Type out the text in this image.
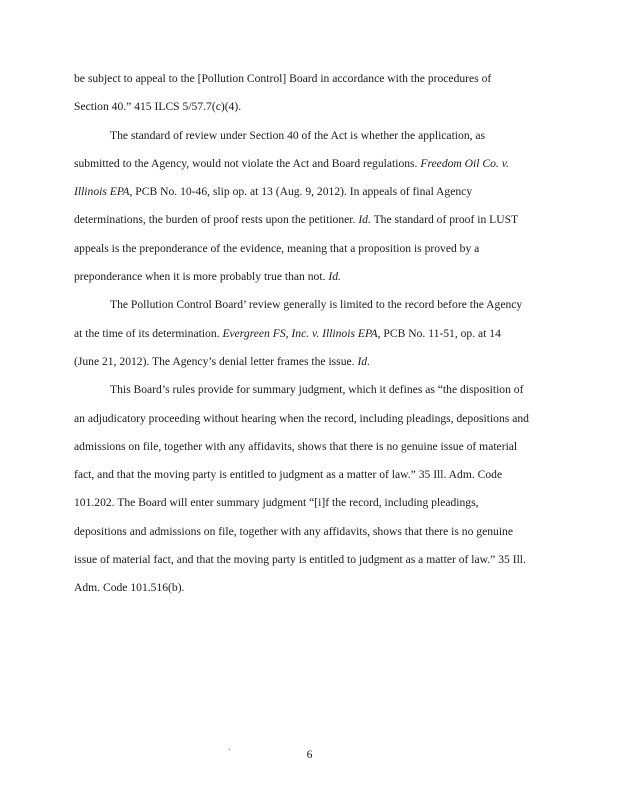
be subject to appeal to the [Pollution Control] Board in accordance with the procedures of
Section 40.” 415 ILCS 5/57.7(c)(4).

The standard of review under Section 40 of the Act is whether the application, as
submitted to the Agency, would not violate the Act and Board regulations. Freedom Oil Co. v.
Illinois EPA, PCB No. 10-46, slip op. at 13 (Aug. 9, 2012). In appeals of final Agency
determinations, the burden of proof rests upon the petitioner. Id. The standard of proof in LUST
appeals is the preponderance of the evidence, meaning that a proposition is proved by a
preponderance when it is more probably true than not. Id.

The Pollution Control Board’ review generally is limited to the record before the Agency
at the time of its determination. Evergreen FS, Inc. v. Illinois EPA, PCB No. 11-51, op. at 14
(June 21, 2012). The Agency’s denial letter frames the issue. Id.

This Board’s rules provide for summary judgment, which it defines as “the disposition of
an adjudicatory proceeding without hearing when the record, including pleadings, depositions and
admissions on file, together with any affidavits, shows that there is no genuine issue of material
fact, and that the moving party is entitled to judgment as a matter of law.” 35 Ill. Adm. Code
101.202. The Board will enter summary judgment “[i]f the record, including pleadings,
depositions and admissions on file, together with any affidavits, shows that there is no genuine
issue of material fact, and that the moving party is entitled to judgment as a matter of law.” 35 Ill.
Adm. Code 101.516(b).

6
